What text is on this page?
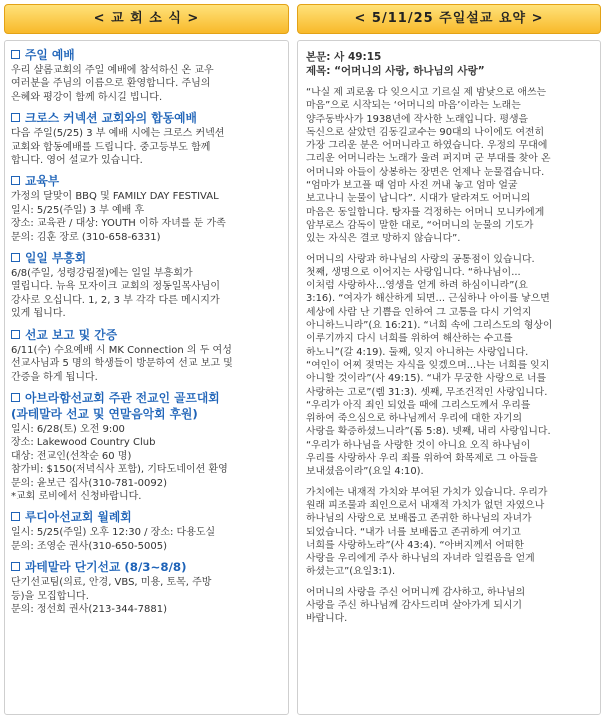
< 교 회 소 식 >
주일 예배
우리 샬롬교회의 주일 예배에 참석하신 온 교우
여러분을 주님의 이름으로 환영합니다. 주님의
은혜와 평강이 함께 하시길 빕니다.
크로스 커넥션 교회와의 합동예배
다음 주일(5/25) 3 부 예배 시에는 크로스 커넥션
교회와 합동예배를 드립니다. 중고등부도 함께
합니다. 영어 설교가 있습니다.
교육부
가정의 달맞이 BBQ 및 FAMILY DAY FESTIVAL
일시: 5/25(주일) 3 부 예배 후
장소: 교육관 / 대상: YOUTH 이하 자녀를 둔 가족
문의: 김훈 장로 (310-658-6331)
일일 부흥회
6/8(주일, 성령강림절)에는 일일 부흥회가
열립니다. 뉴욕 모자이크 교회의 정동일목사님이
강사로 오십니다. 1, 2, 3 부 각각 다른 메시지가
있게 됩니다.
선교 보고 및 간증
6/11(수) 수요예배 시 MK Connection 의 두 여성
선교사님과 5 명의 학생들이 방문하여 선교 보고 및
간증을 하게 됩니다.
아브라함선교회 주관 전교인 골프대회
(과테말라 선교 및 연말음악회 후원)
일시: 6/28(토) 오전 9:00
장소: Lakewood Country Club
대상: 전교인(선착순 60 명)
참가비: $150(저녁식사 포함), 기타도네이션 환영
문의: 윤보근 집사(310-781-0092)
*교회 로비에서 신청바랍니다.
루디아선교회 월례회
일시: 5/25(주일) 오후 12:30 / 장소: 다용도실
문의: 조영순 권사(310-650-5005)
과테말라 단기선교 (8/3~8/8)
단기선교팀(의료, 안경, VBS, 미용, 토목, 주방
등)을 모집합니다.
문의: 정선희 권사(213-344-7881)
< 5/11/25 주일설교 요약 >
본문: 사 49:15
제목: “어머니의 사랑, 하나님의 사랑”

“나실 제 괴로움 다 잊으시고 기르실 제 밤낮으로 애쓰는
마음”으로 시작되는 ‘어머니의 마음’이라는 노래는
양주동박사가 1938년에 작사한 노래입니다. 평생을
독신으로 살았던 김동길교수는 90대의 나이에도 여전히
가장 그리운 분은 어머니라고 하였습니다. 우정의 무대에
그리운 어머니라는 노래가 울려 퍼지며 군 부대를 찾아 온
어머니와 아들이 상봉하는 장면은 언제나 눈물겹습니다.
“엄마가 보고플 때 엄마 사진 꺼내 놓고 엄마 얼굴
보고나니 눈물이 납니다”. 시대가 달라져도 어머니의
마음은 동일합니다. 탕자를 걱정하는 어머니 모니카에게
암부로스 감독이 말한 대로, “어머니의 눈물의 기도가
있는 자식은 결코 망하지 않습니다”.

어머니의 사랑과 하나님의 사랑의 공통점이 있습니다.
첫째, 생명으로 이어지는 사랑입니다. “하나님이...
이처럼 사랑하사...영생을 얻게 하려 하심이니라”(요
3:16). “여자가 해산하게 되면... 근심하나 아이를 낳으면
세상에 사람 난 기쁨을 인하여 그 고통을 다시 기억지
아니하느니라”(요 16:21). “너희 속에 그리스도의 형상이
이루기까지 다시 너희를 위하여 해산하는 수고를
하노니”(갈 4:19). 둘째, 잊지 아니하는 사랑입니다.
“여인이 어찌 젖먹는 자식을 잊겠으며...나는 너희를 잊지
아니할 것이라”(사 49:15). “내가 무궁한 사랑으로 너를
사랑하는 고로”(렘 31:3). 셋째, 무조건적인 사랑입니다.
“우리가 아직 죄인 되었을 때에 그리스도께서 우리를
위하여 죽으심으로 하나님께서 우리에 대한 자기의
사랑을 확증하셨느니라”(롬 5:8). 넷째, 내리 사랑입니다.
“우리가 하나님을 사랑한 것이 아니요 오직 하나님이
우리를 사랑하사 우리 죄를 위하여 화목제로 그 아들을
보내셨음이라”(요일 4:10).

가치에는 내재적 가치와 부여된 가치가 있습니다. 우리가
원래 피조물과 죄인으로서 내재적 가치가 없던 자였으나
하나님의 사랑으로 보배롭고 존귀한 하나님의 자녀가
되었습니다. “내가 너를 보배롭고 존귀하게 여기고
너희를 사랑하노라”(사 43:4). “아버지께서 어떠한
사랑을 우리에게 주사 하나님의 자녀라 일컬음을 얻게
하셨는고”(요일3:1).

어머니의 사랑을 주신 어머니께 감사하고, 하나님의
사랑을 주신 하나님께 감사드리며 살아가게 되시기
바랍니다.
